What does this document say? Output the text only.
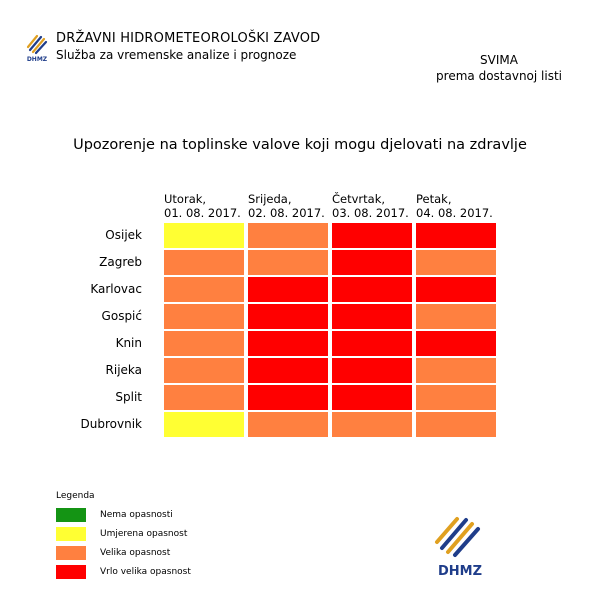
DHMZ
DRŽAVNI HIDROMETEOROLOŠKI ZAVOD
Služba za vremenske analize i prognoze	SVIMA
prema dostavnoj listi
Upozorenje na toplinske valove koji mogu djelovati na zdravlje
Utorak,
01. 08. 2017.
Srijeda,
02. 08. 2017.
Četvrtak,
03. 08. 2017.
Petak,
04. 08. 2017.
Osijek
Zagreb
Karlovac
Gospić
Knin
Rijeka
Split
Dubrovnik
Legenda
Nema opasnosti
Umjerena opasnost
Velika opasnost
Vrlo velika opasnost	DHMZ
